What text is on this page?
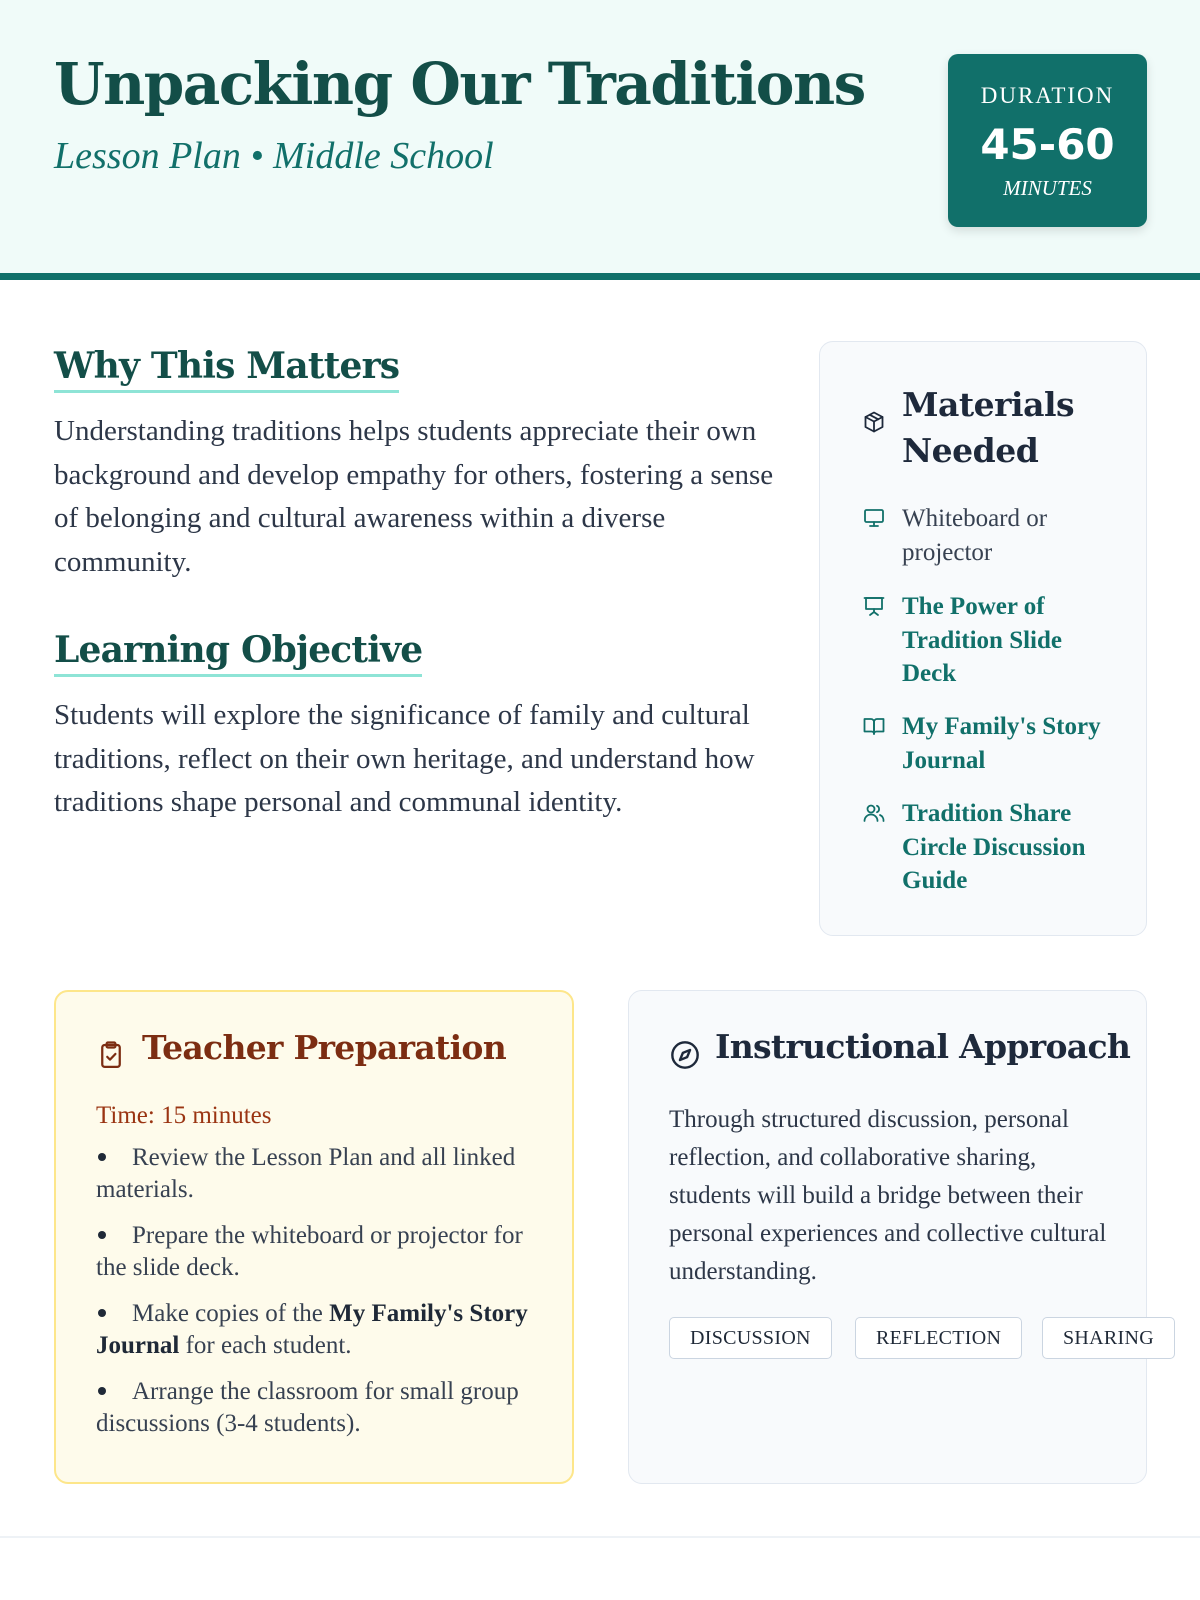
Unpacking Our Traditions
Lesson Plan • Middle School
DURATION
45-60
MINUTES
Why This Matters

Understanding traditions helps students appreciate their own background and develop empathy for others, fostering a sense of belonging and cultural awareness within a diverse community.

Learning Objective

Students will explore the significance of family and cultural traditions, reflect on their own heritage, and understand how traditions shape personal and communal identity.

Materials Needed
Whiteboard or projector
The Power of Tradition Slide Deck
My Family's Story Journal
Tradition Share Circle Discussion Guide
Teacher Preparation
Time: 15 minutes
Review the Lesson Plan and all linked materials.
Prepare the whiteboard or projector for the slide deck.
Make copies of the My Family's Story Journal for each student.
Arrange the classroom for small group discussions (3-4 students).
Instructional Approach

Through structured discussion, personal reflection, and collaborative sharing, students will build a bridge between their personal experiences and collective cultural understanding.

DISCUSSION	REFLECTION	SHARING
